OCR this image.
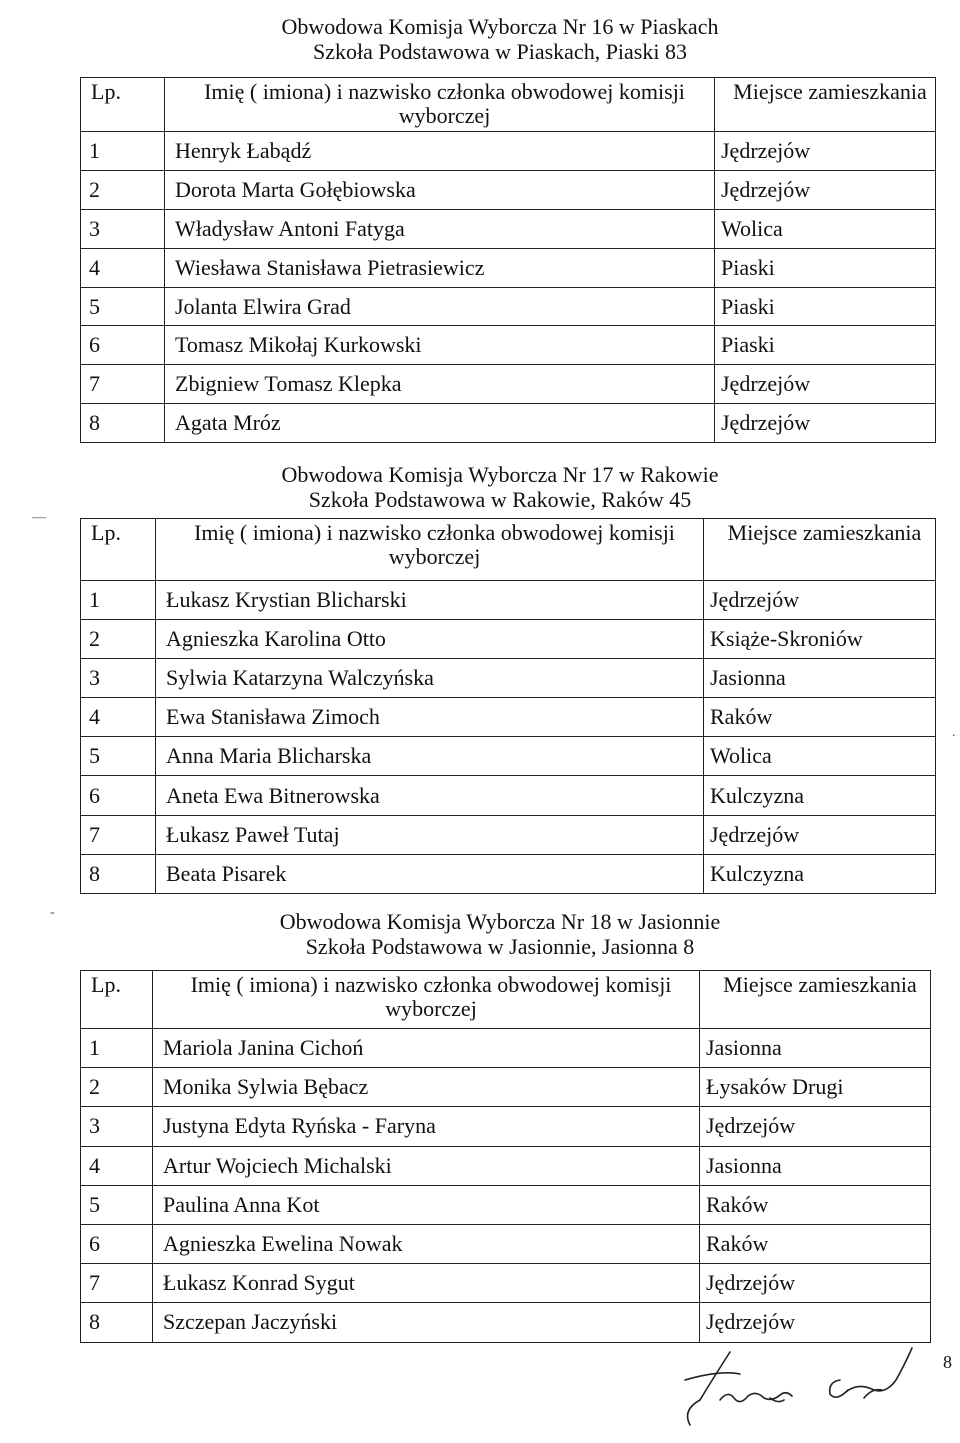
Obwodowa Komisja Wyborcza Nr 16 w Piaskach
Szkoła Podstawowa w Piaskach, Piaski 83
Lp.	Imię ( imiona) i nazwisko członka obwodowej komisji wyborczej	Miejsce zamieszkania
1	Henryk Łabądź	Jędrzejów
2	Dorota Marta Gołębiowska	Jędrzejów
3	Władysław Antoni Fatyga	Wolica
4	Wiesława Stanisława Pietrasiewicz	Piaski
5	Jolanta Elwira Grad	Piaski
6	Tomasz Mikołaj Kurkowski	Piaski
7	Zbigniew Tomasz Klepka	Jędrzejów
8	Agata Mróz	Jędrzejów
Obwodowa Komisja Wyborcza Nr 17 w Rakowie
Szkoła Podstawowa w Rakowie, Raków 45
Lp.	Imię ( imiona) i nazwisko członka obwodowej komisji wyborczej	Miejsce zamieszkania
1	Łukasz Krystian Blicharski	Jędrzejów
2	Agnieszka Karolina Otto	Książe-Skroniów
3	Sylwia Katarzyna Walczyńska	Jasionna
4	Ewa Stanisława Zimoch	Raków
5	Anna Maria Blicharska	Wolica
6	Aneta Ewa Bitnerowska	Kulczyzna
7	Łukasz Paweł Tutaj	Jędrzejów
8	Beata Pisarek	Kulczyzna
Obwodowa Komisja Wyborcza Nr 18 w Jasionnie
Szkoła Podstawowa w Jasionnie, Jasionna 8
Lp.	Imię ( imiona) i nazwisko członka obwodowej komisji wyborczej	Miejsce zamieszkania
1	Mariola Janina Cichoń	Jasionna
2	Monika Sylwia Bębacz	Łysaków Drugi
3	Justyna Edyta Ryńska - Faryna	Jędrzejów
4	Artur Wojciech Michalski	Jasionna
5	Paulina Anna Kot	Raków
6	Agnieszka Ewelina Nowak	Raków
7	Łukasz Konrad Sygut	Jędrzejów
8	Szczepan Jaczyński	Jędrzejów
—
-
.
8
